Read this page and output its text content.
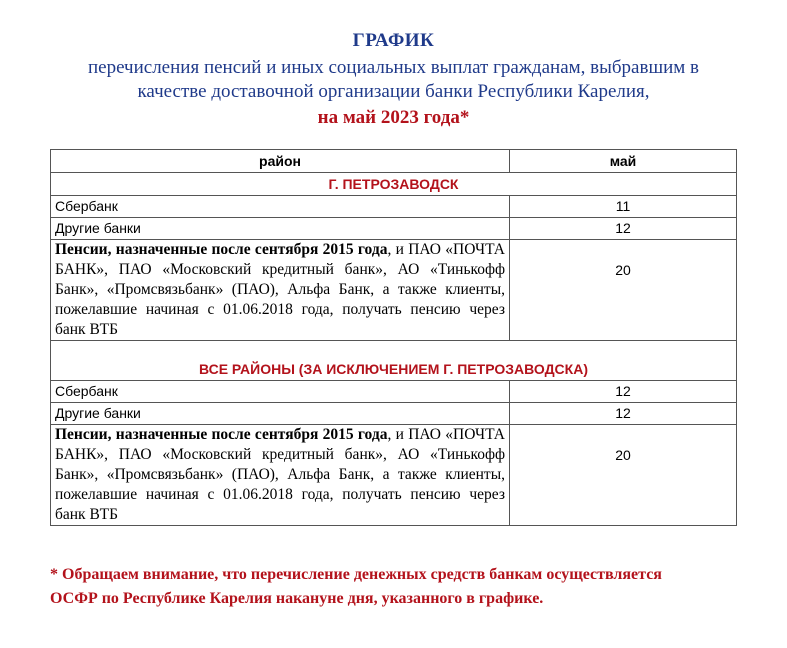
ГРАФИК
перечисления пенсий и иных социальных выплат гражданам, выбравшим в
качестве доставочной организации банки Республики Карелия,
на май 2023 года*
район	май
Г. ПЕТРОЗАВОДСК	
Сбербанк	11
Другие банки	12
Пенсии, назначенные после сентября 2015 года, и ПАО «ПОЧТА БАНК», ПАО «Московский кредитный банк», АО «Тинькофф Банк», «Промсвязьбанк» (ПАО), Альфа Банк, а также клиенты, пожелавшие начиная с 01.06.2018 года, получать пенсию через банк ВТБ	20
ВСЕ РАЙОНЫ (ЗА ИСКЛЮЧЕНИЕМ Г. ПЕТРОЗАВОДСКА)	
Сбербанк	12
Другие банки	12
Пенсии, назначенные после сентября 2015 года, и ПАО «ПОЧТА БАНК», ПАО «Московский кредитный банк», АО «Тинькофф Банк», «Промсвязьбанк» (ПАО), Альфа Банк, а также клиенты, пожелавшие начиная с 01.06.2018 года, получать пенсию через банк ВТБ	20
* Обращаем внимание, что перечисление денежных средств банкам осуществляется
ОСФР по Республике Карелия накануне дня, указанного в графике.
